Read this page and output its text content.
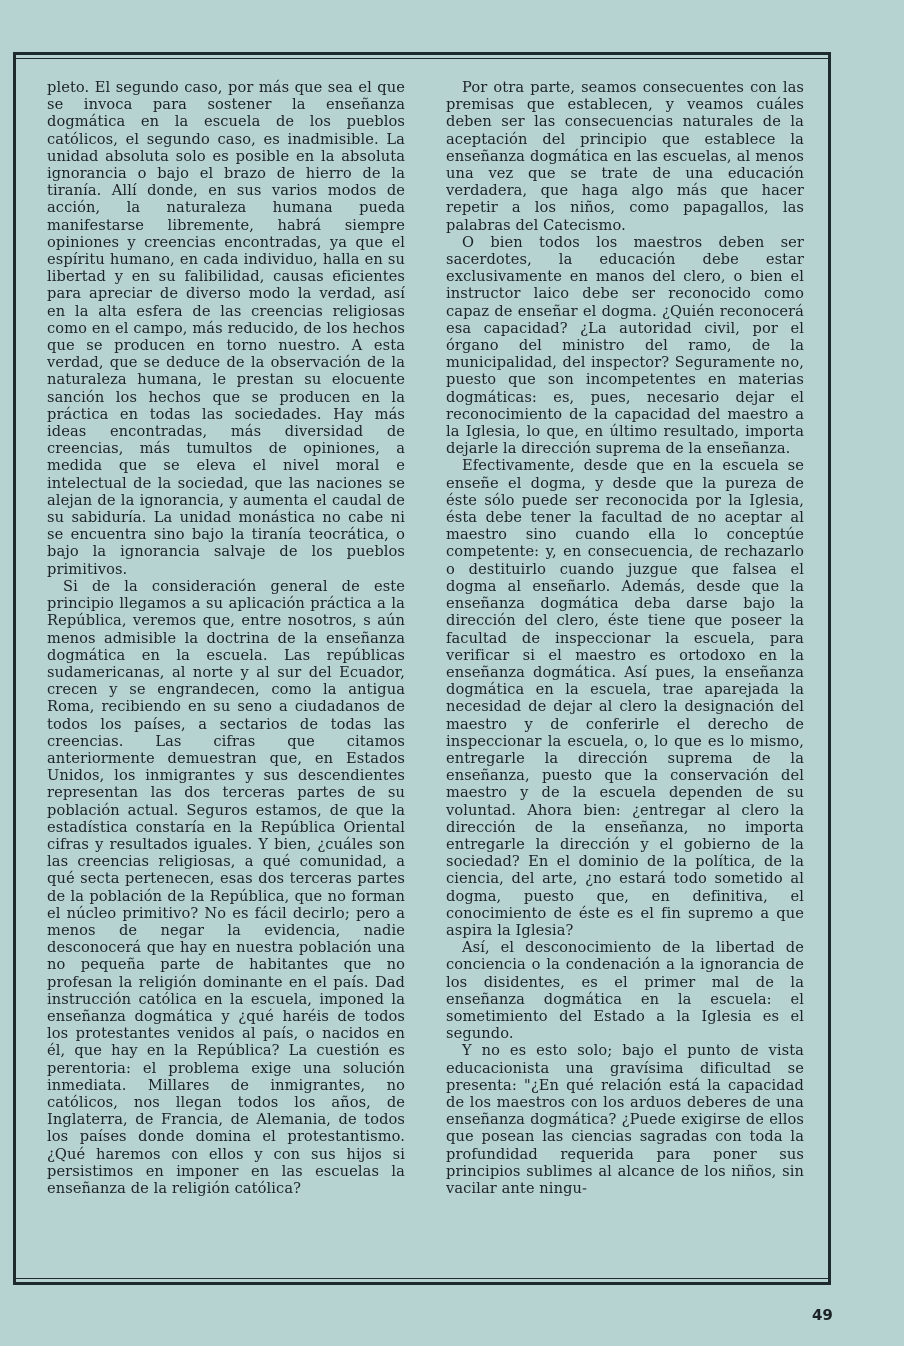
pleto. El segundo caso, por más que sea el que se invoca para sostener la enseñanza dogmática en la escuela de los pueblos católicos, el segundo caso, es inadmisible. La unidad absoluta solo es posible en la absoluta ignorancia o bajo el brazo de hierro de la tiranía. Allí donde, en sus varios modos de acción, la naturaleza humana pueda manifestarse libremente, habrá siempre opiniones y creencias encontradas, ya que el espíritu humano, en cada individuo, halla en su libertad y en su falibilidad, causas eficientes para apreciar de diverso modo la verdad, así en la alta esfera de las creencias religiosas como en el campo, más reducido, de los hechos que se producen en torno nuestro. A esta verdad, que se deduce de la observación de la naturaleza humana, le prestan su elocuente sanción los hechos que se producen en la práctica en todas las sociedades. Hay más ideas encontradas, más diversidad de creencias, más tumultos de opiniones, a medida que se eleva el nivel moral e intelectual de la sociedad, que las naciones se alejan de la ignorancia, y aumenta el caudal de su sabiduría. La unidad monástica no cabe ni se encuentra sino bajo la tiranía teocrática, o bajo la ignorancia salvaje de los pueblos primitivos.

Si de la consideración general de este principio llegamos a su aplicación práctica a la República, veremos que, entre nosotros, s aún menos admisible la doctrina de la enseñanza dogmática en la escuela. Las repúblicas sudamericanas, al norte y al sur del Ecuador, crecen y se engrandecen, como la antigua Roma, recibiendo en su seno a ciudadanos de todos los países, a sectarios de todas las creencias. Las cifras que citamos anteriormente demuestran que, en Estados Unidos, los inmigrantes y sus descendientes representan las dos terceras partes de su población actual. Seguros estamos, de que la estadística constaría en la República Oriental cifras y resultados iguales. Y bien, ¿cuáles son las creencias religiosas, a qué comunidad, a qué secta pertenecen, esas dos terceras partes de la población de la República, que no forman el núcleo primitivo? No es fácil decirlo; pero a menos de negar la evidencia, nadie desconocerá que hay en nuestra población una no pequeña parte de habitantes que no profesan la religión dominante en el país. Dad instrucción católica en la escuela, imponed la enseñanza dogmática y ¿qué haréis de todos los protestantes venidos al país, o nacidos en él, que hay en la República? La cuestión es perentoria: el problema exige una solución inmediata. Millares de inmigrantes, no católicos, nos llegan todos los años, de Inglaterra, de Francia, de Alemania, de todos los países donde domina el protestantismo. ¿Qué haremos con ellos y con sus hijos si persistimos en imponer en las escuelas la enseñanza de la religión católica?

Por otra parte, seamos consecuentes con las premisas que establecen, y veamos cuáles deben ser las consecuencias naturales de la aceptación del principio que establece la enseñanza dogmática en las escuelas, al menos una vez que se trate de una educación verdadera, que haga algo más que hacer repetir a los niños, como papagallos, las palabras del Catecismo.

O bien todos los maestros deben ser sacerdotes, la educación debe estar exclusivamente en manos del clero, o bien el instructor laico debe ser reconocido como capaz de enseñar el dogma. ¿Quién reconocerá esa capacidad? ¿La autoridad civil, por el órgano del ministro del ramo, de la municipalidad, del inspector? Seguramente no, puesto que son incompetentes en materias dogmáticas: es, pues, necesario dejar el reconocimiento de la capacidad del maestro a la Iglesia, lo que, en último resultado, importa dejarle la dirección suprema de la enseñanza.

Efectivamente, desde que en la escuela se enseñe el dogma, y desde que la pureza de éste sólo puede ser reconocida por la Iglesia, ésta debe tener la facultad de no aceptar al maestro sino cuando ella lo conceptúe competente: y, en consecuencia, de rechazarlo o destituirlo cuando juzgue que falsea el dogma al enseñarlo. Además, desde que la enseñanza dogmática deba darse bajo la dirección del clero, éste tiene que poseer la facultad de inspeccionar la escuela, para verificar si el maestro es ortodoxo en la enseñanza dogmática. Así pues, la enseñanza dogmática en la escuela, trae aparejada la necesidad de dejar al clero la designación del maestro y de conferirle el derecho de inspeccionar la escuela, o, lo que es lo mismo, entregarle la dirección suprema de la enseñanza, puesto que la conservación del maestro y de la escuela dependen de su voluntad. Ahora bien: ¿entregar al clero la dirección de la enseñanza, no importa entregarle la dirección y el gobierno de la sociedad? En el dominio de la política, de la ciencia, del arte, ¿no estará todo sometido al dogma, puesto que, en definitiva, el conocimiento de éste es el fin supremo a que aspira la Iglesia?

Así, el desconocimiento de la libertad de conciencia o la condenación a la ignorancia de los disidentes, es el primer mal de la enseñanza dogmática en la escuela: el sometimiento del Estado a la Iglesia es el segundo.

Y no es esto solo; bajo el punto de vista educacionista una gravísima dificultad se presenta: "¿En qué relación está la capacidad de los maestros con los arduos deberes de una enseñanza dogmática? ¿Puede exigirse de ellos que posean las ciencias sagradas con toda la profundidad requerida para poner sus principios sublimes al alcance de los niños, sin vacilar ante ningu-

49
